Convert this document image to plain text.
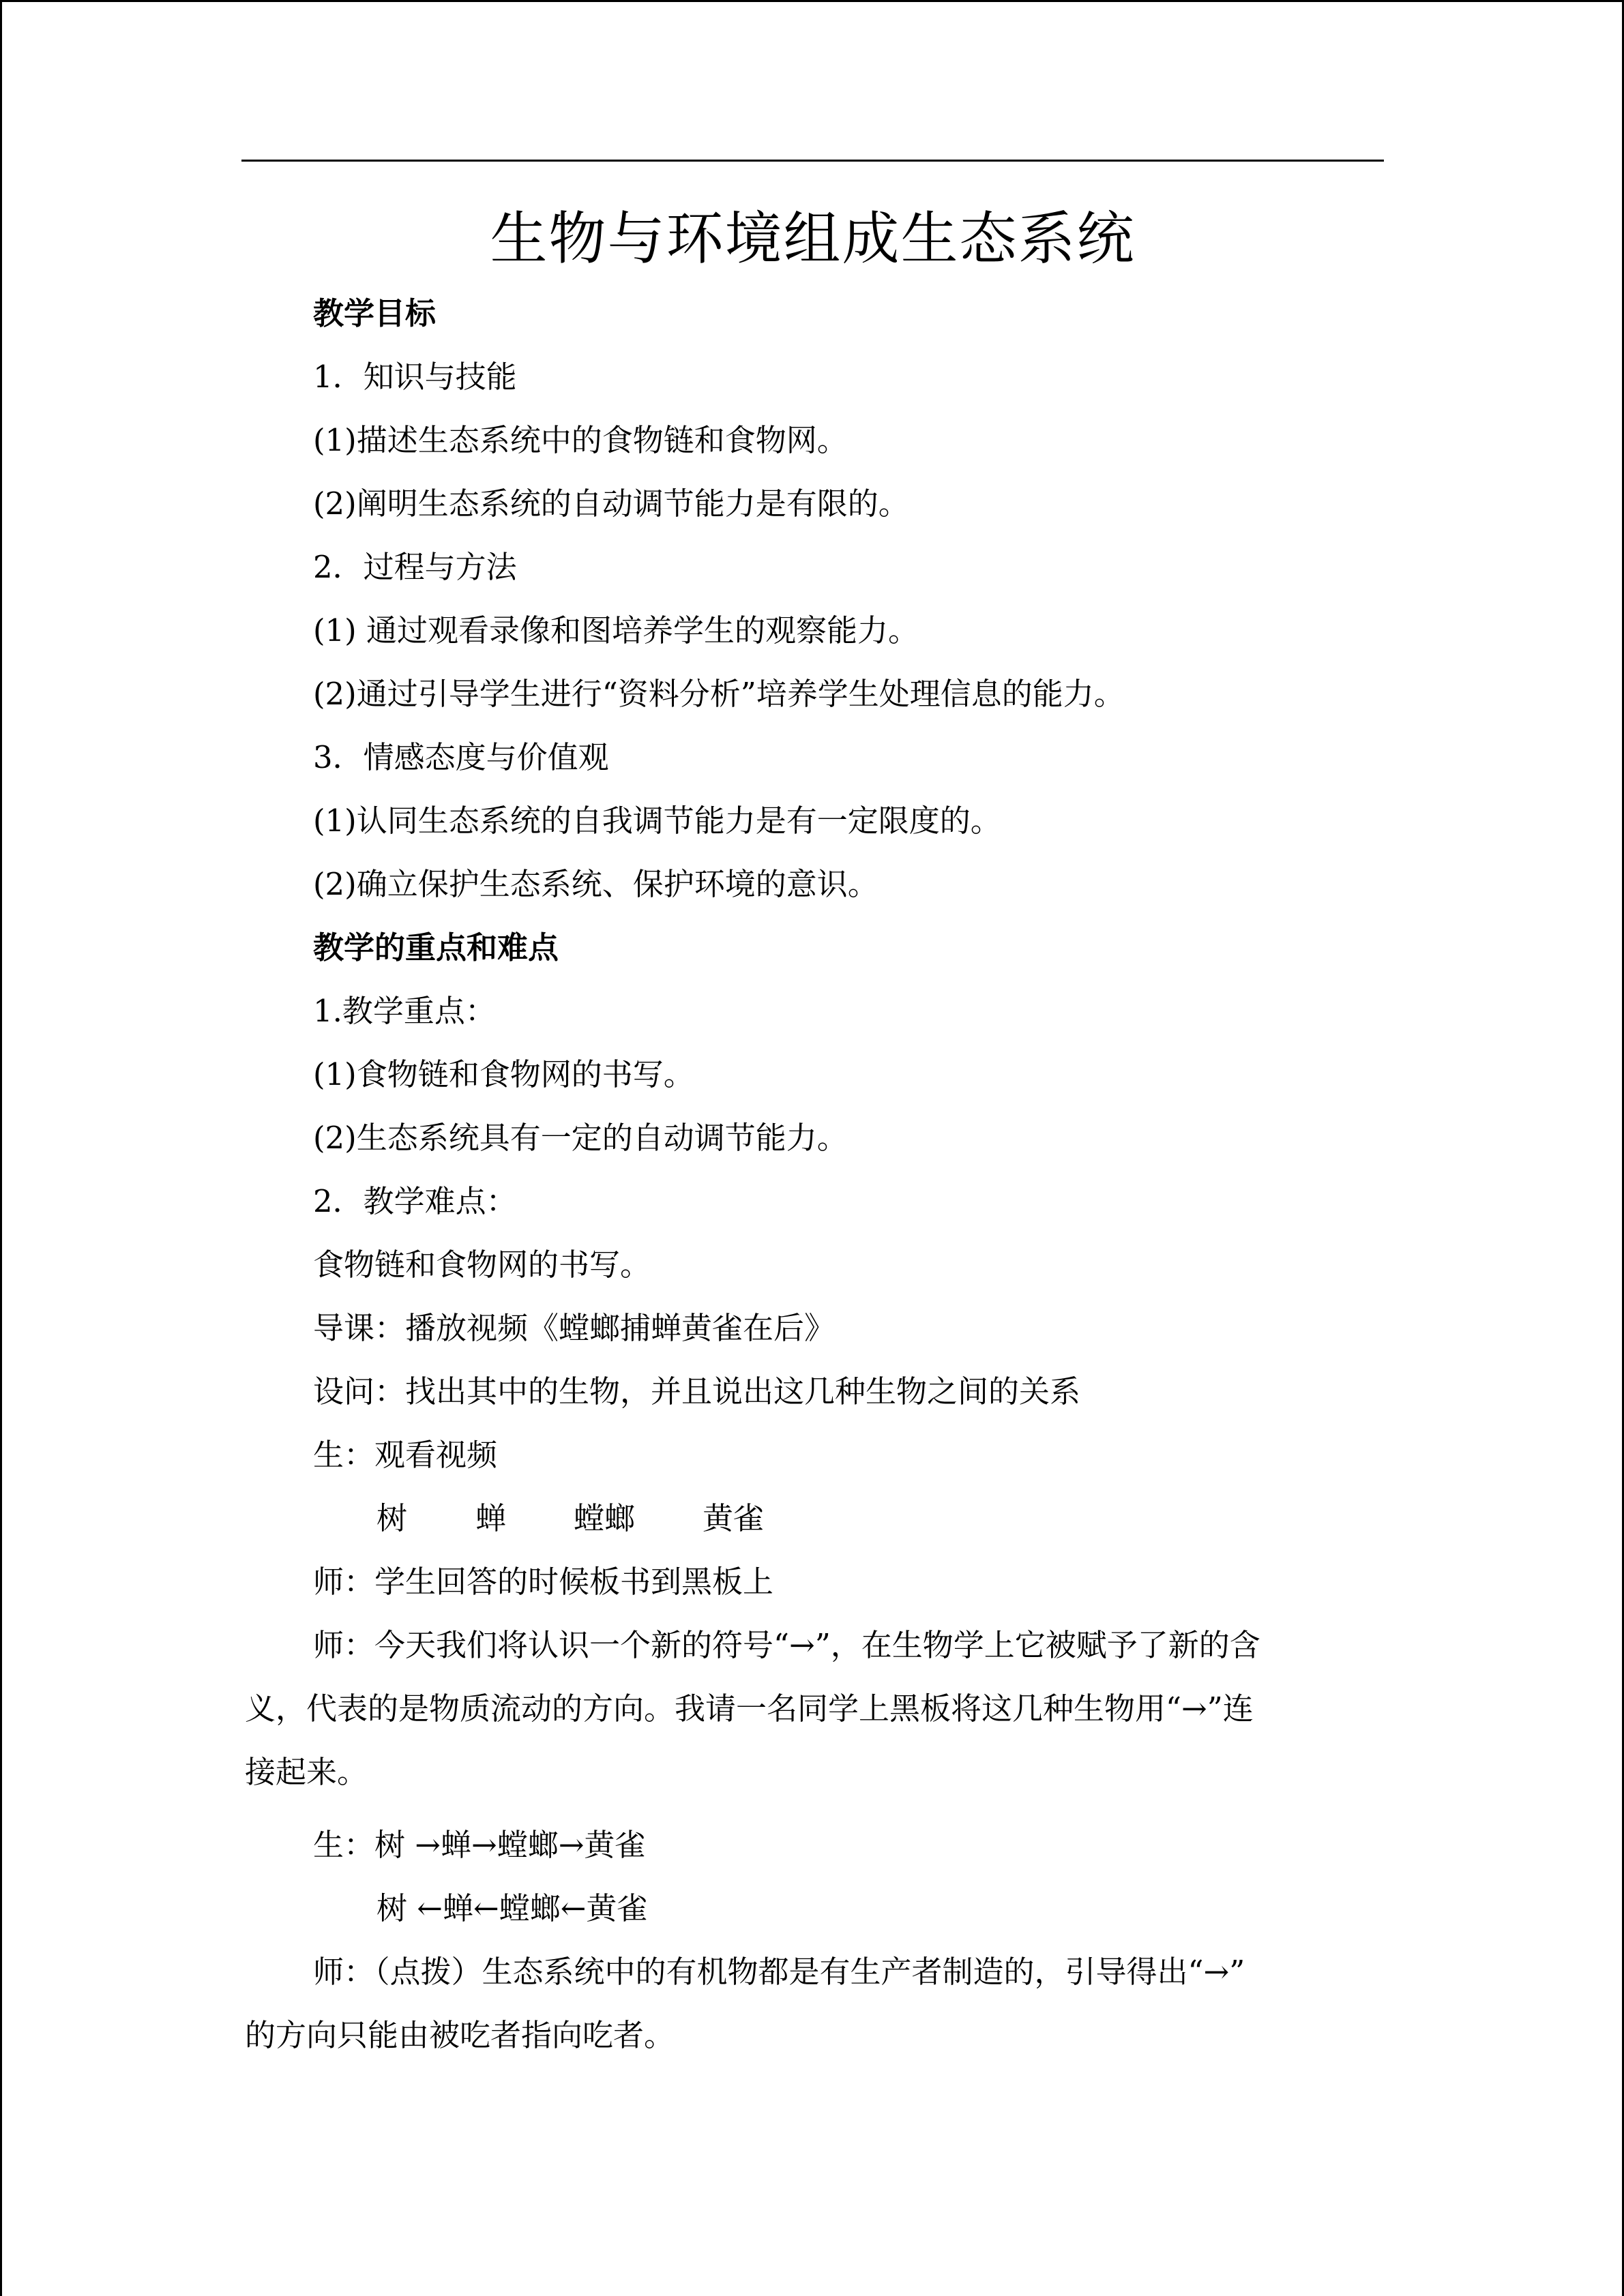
生物与环境组成生态系统
教学目标
1．知识与技能
(1)描述生态系统中的食物链和食物网。
(2)阐明生态系统的自动调节能力是有限的。
2．过程与方法
(1) 通过观看录像和图培养学生的观察能力。
(2)通过引导学生进行“资料分析”培养学生处理信息的能力。
3．情感态度与价值观
(1)认同生态系统的自我调节能力是有一定限度的。
(2)确立保护生态系统、保护环境的意识。
教学的重点和难点
1.教学重点：
(1)食物链和食物网的书写。
(2)生态系统具有一定的自动调节能力。
2．教学难点：
食物链和食物网的书写。
导课：播放视频《螳螂捕蝉黄雀在后》
设问：找出其中的生物，并且说出这几种生物之间的关系
生：观看视频
树 蝉 螳螂 黄雀
师：学生回答的时候板书到黑板上
师：今天我们将认识一个新的符号“→”，在生物学上它被赋予了新的含
义，代表的是物质流动的方向。我请一名同学上黑板将这几种生物用“→”连
接起来。
生：树 →蝉→螳螂→黄雀
树 ←蝉←螳螂←黄雀
师：（点拨）生态系统中的有机物都是有生产者制造的，引导得出“→”
的方向只能由被吃者指向吃者。
